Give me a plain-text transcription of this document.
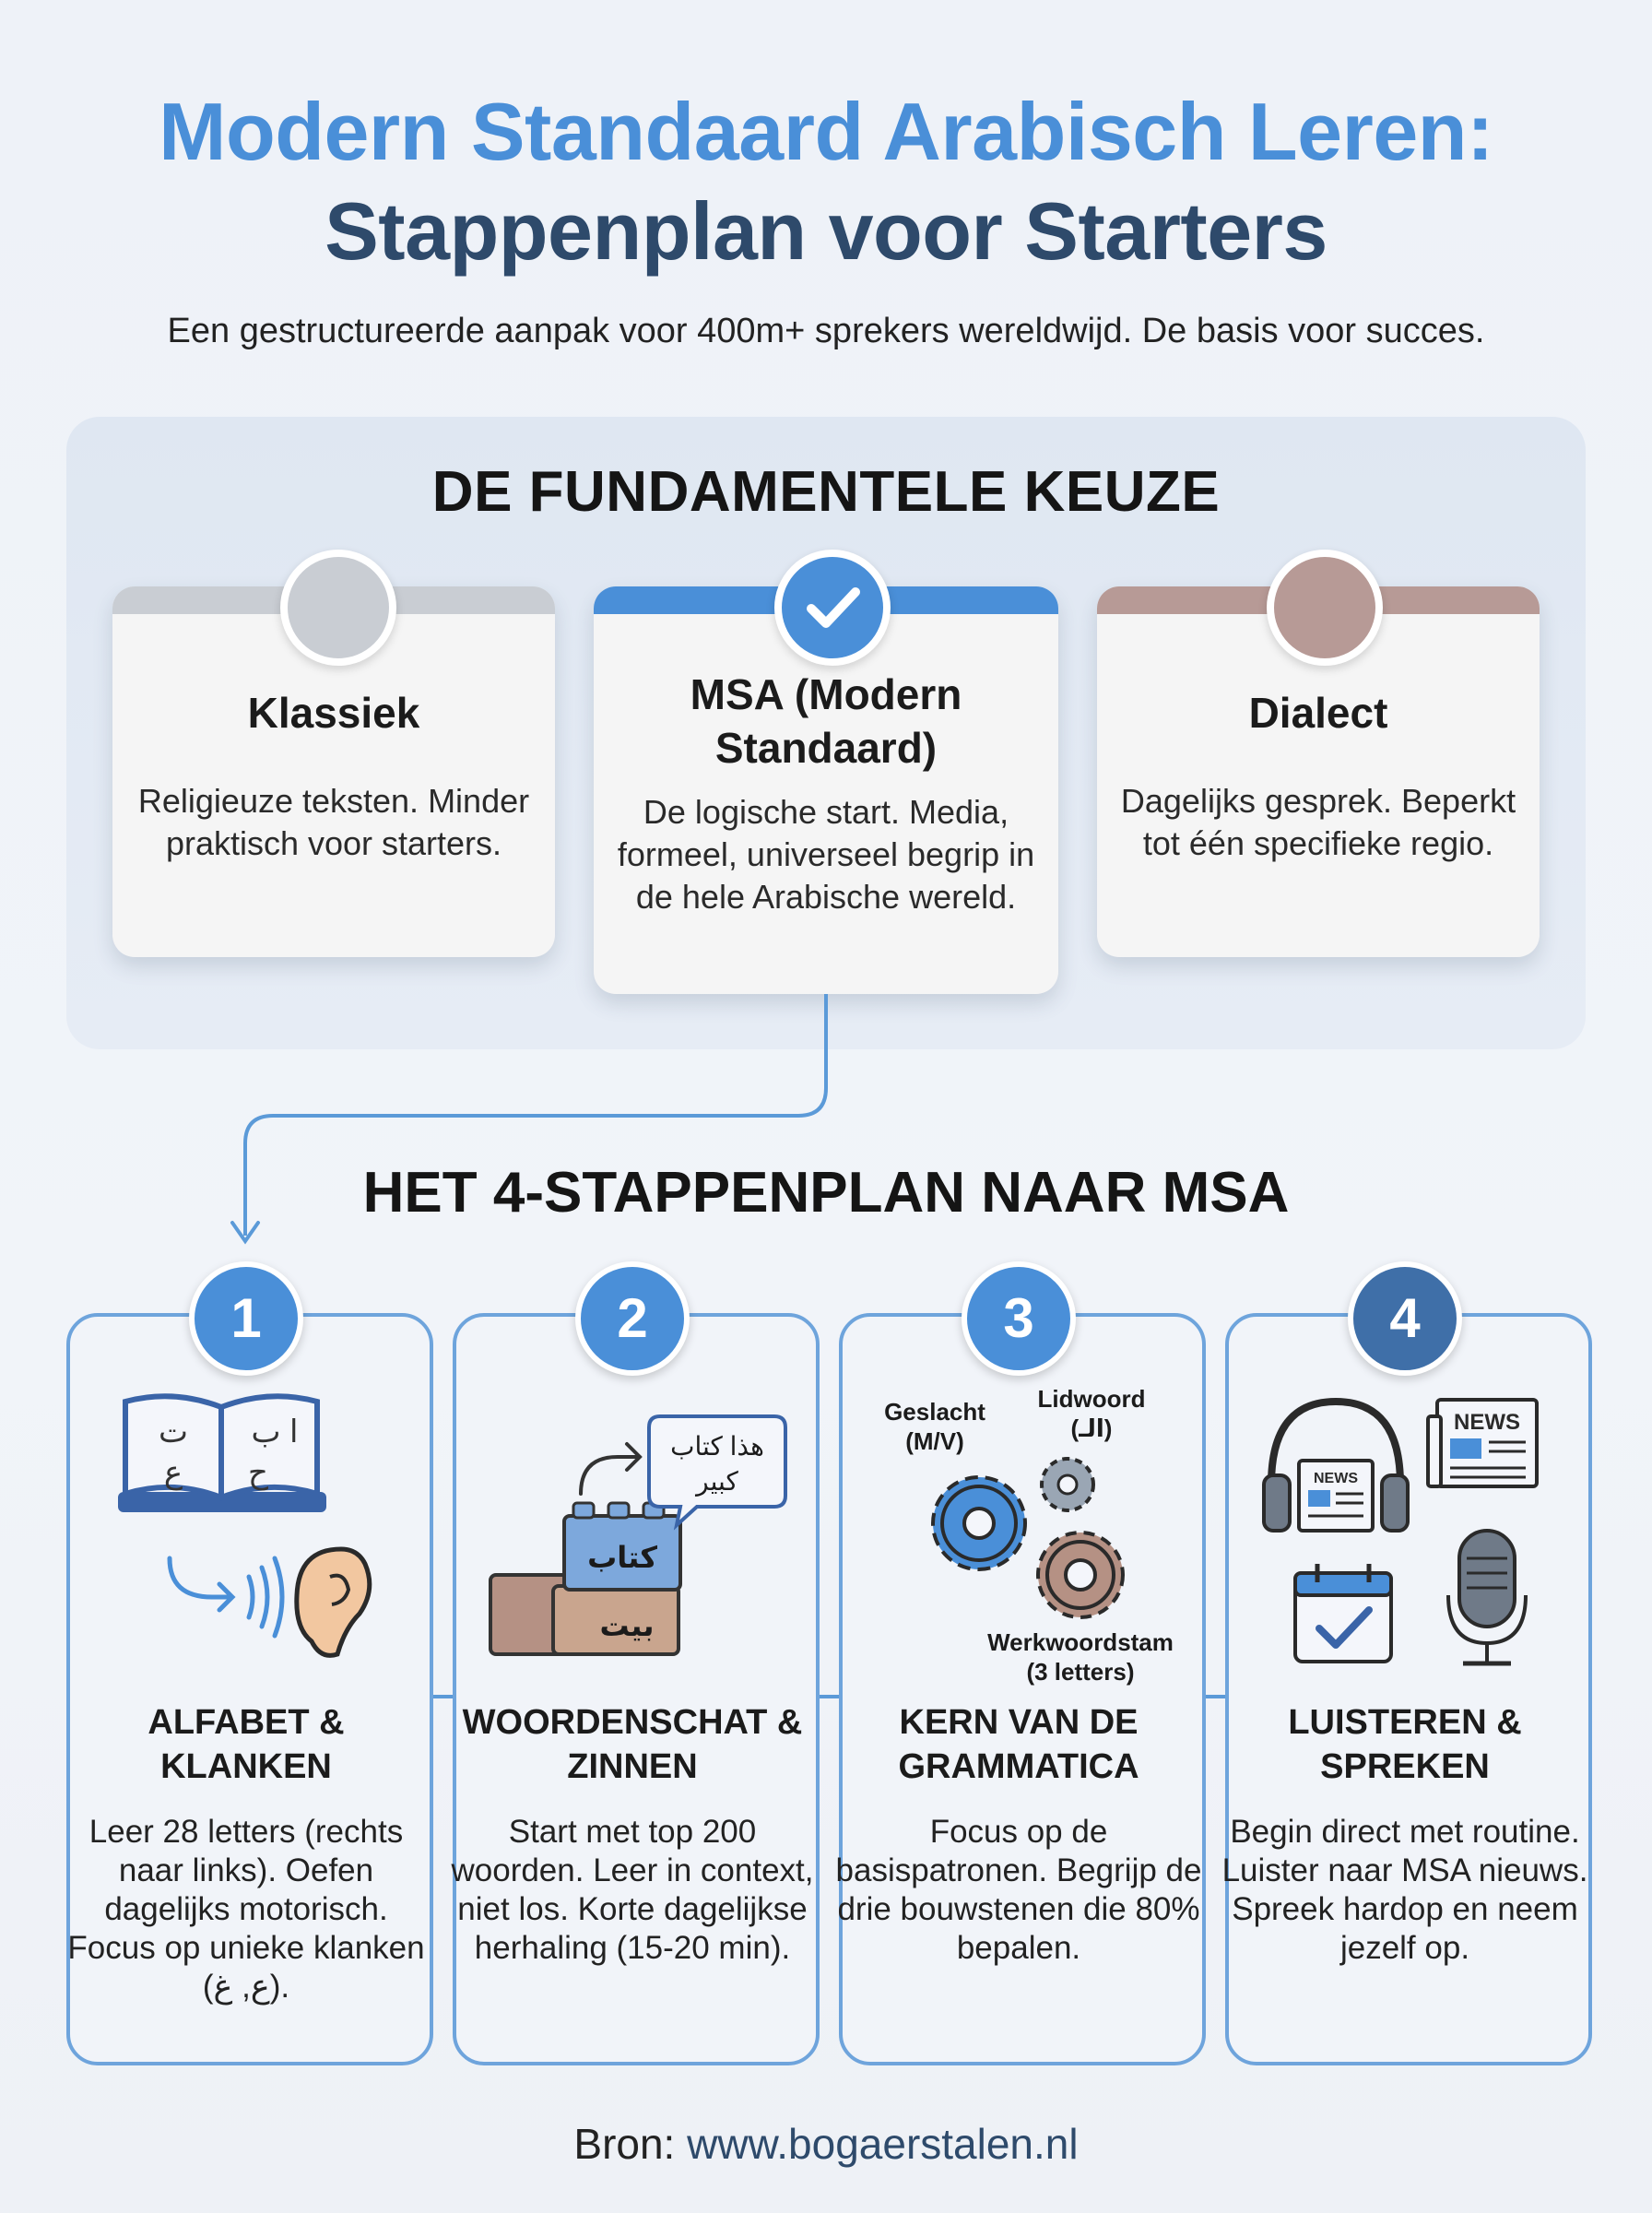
Modern Standaard Arabisch Leren:
Stappenplan voor Starters
Een gestructureerde aanpak voor 400m+ sprekers wereldwijd. De basis voor succes.
DE FUNDAMENTELE KEUZE
Klassiek
Religieuze teksten. Minder praktisch voor starters.
MSA (Modern Standaard)
De logische start. Media, formeel, universeel begrip in de hele Arabische wereld.
Dialect
Dagelijks gesprek. Beperkt tot één specifieke regio.
HET 4-STAPPENPLAN NAAR MSA
1	2	3	4
ا ب
ت
ح
ع
كتاب
بيت
هذا كتاب
كبير
Geslacht
(M/V)
Lidwoord
(الـ)
Werkwoordstam
(3 letters)
NEWS
NEWS
ALFABET & KLANKEN
WOORDENSCHAT & ZINNEN
KERN VAN DE GRAMMATICA
LUISTEREN & SPREKEN
Leer 28 letters (rechts naar links). Oefen dagelijks motorisch. Focus op unieke klanken (ع, غ).
Start met top 200 woorden. Leer in context, niet los. Korte dagelijkse herhaling (15-20 min).
Focus op de basispatronen. Begrijp de drie bouwstenen die 80% bepalen.
Begin direct met routine. Luister naar MSA nieuws. Spreek hardop en neem jezelf op.
Bron: www.bogaerstalen.nl
